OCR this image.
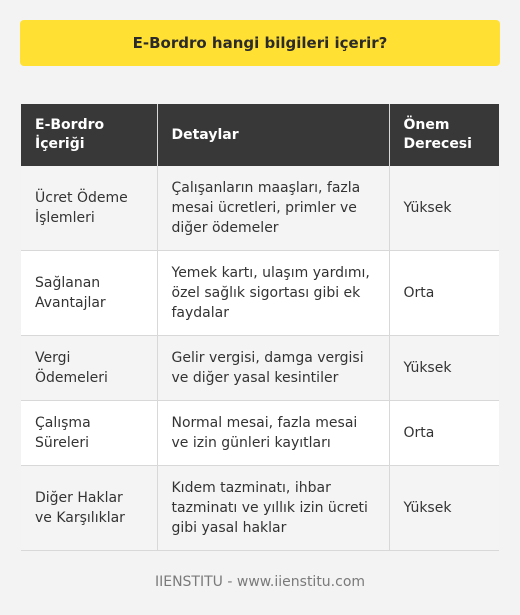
E-Bordro hangi bilgileri içerir?
E-Bordro İçeriği	Detaylar	Önem Derecesi
Ücret Ödeme İşlemleri	Çalışanların maaşları, fazla mesai ücretleri, primler ve diğer ödemeler	Yüksek
Sağlanan Avantajlar	Yemek kartı, ulaşım yardımı, özel sağlık sigortası gibi ek faydalar	Orta
Vergi Ödemeleri	Gelir vergisi, damga vergisi ve diğer yasal kesintiler	Yüksek
Çalışma Süreleri	Normal mesai, fazla mesai ve izin günleri kayıtları	Orta
Diğer Haklar ve Karşılıklar	Kıdem tazminatı, ihbar tazminatı ve yıllık izin ücreti gibi yasal haklar	Yüksek
IIENSTITU - www.iienstitu.com
